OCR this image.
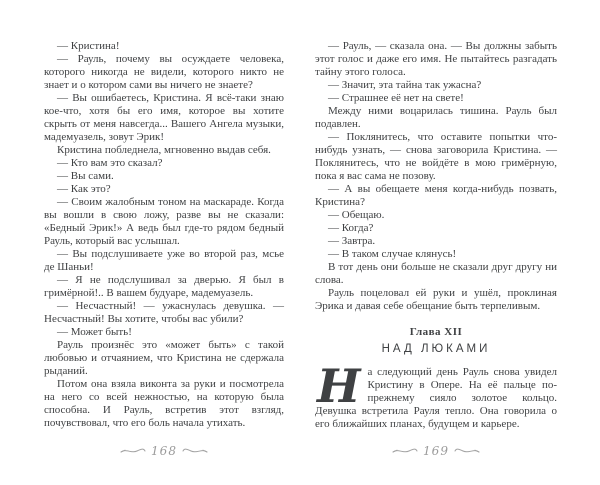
— Кристина!

— Рауль, почему вы осуждаете человека, которого никогда не видели, которого никто не знает и о котором сами вы ничего не знаете?

— Вы ошибаетесь, Кристина. Я всё-таки знаю кое-что, хотя бы его имя, которое вы хотите скрыть от меня навсегда... Вашего Ангела музыки, мадемуазель, зовут Эрик!

Кристина побледнела, мгновенно выдав себя.

— Кто вам это сказал?

— Вы сами.

— Как это?

— Своим жалобным тоном на маскараде. Когда вы вошли в свою ложу, разве вы не сказали: «Бедный Эрик!» А ведь был где-то рядом бедный Рауль, который вас услышал.

— Вы подслушиваете уже во второй раз, мсье де Шаньи!

— Я не подслушивал за дверью. Я был в гримёрной!.. В вашем будуаре, мадемуазель.

— Несчастный! — ужаснулась девушка. — Несчастный! Вы хотите, чтобы вас убили?

— Может быть!

Рауль произнёс это «может быть» с такой любовью и отчаянием, что Кристина не сдержала рыданий.

Потом она взяла виконта за руки и посмотрела на него со всей нежностью, на которую была способна. И Рауль, встретив этот взгляд, почувствовал, что его боль начала утихать.

168

— Рауль, — сказала она. — Вы должны забыть этот голос и даже его имя. Не пытайтесь разгадать тайну этого голоса.

— Значит, эта тайна так ужасна?

— Страшнее её нет на свете!

Между ними воцарилась тишина. Рауль был подавлен.

— Поклянитесь, что оставите попытки что-нибудь узнать, — снова заговорила Кристина. — Поклянитесь, что не войдёте в мою гримёрную, пока я вас сама не позову.

— А вы обещаете меня когда-нибудь позвать, Кристина?

— Обещаю.

— Когда?

— Завтра.

— В таком случае клянусь!

В тот день они больше не сказали друг другу ни слова.

Рауль поцеловал ей руки и ушёл, проклиная Эрика и давая себе обещание быть терпеливым.

Глава XII
НАД ЛЮКАМИ

На следующий день Рауль снова увидел Кристину в Опере. На её пальце по-прежнему сияло золотое кольцо. Девушка встретила Рауля тепло. Она говорила о его ближайших планах, будущем и карьере.

169
